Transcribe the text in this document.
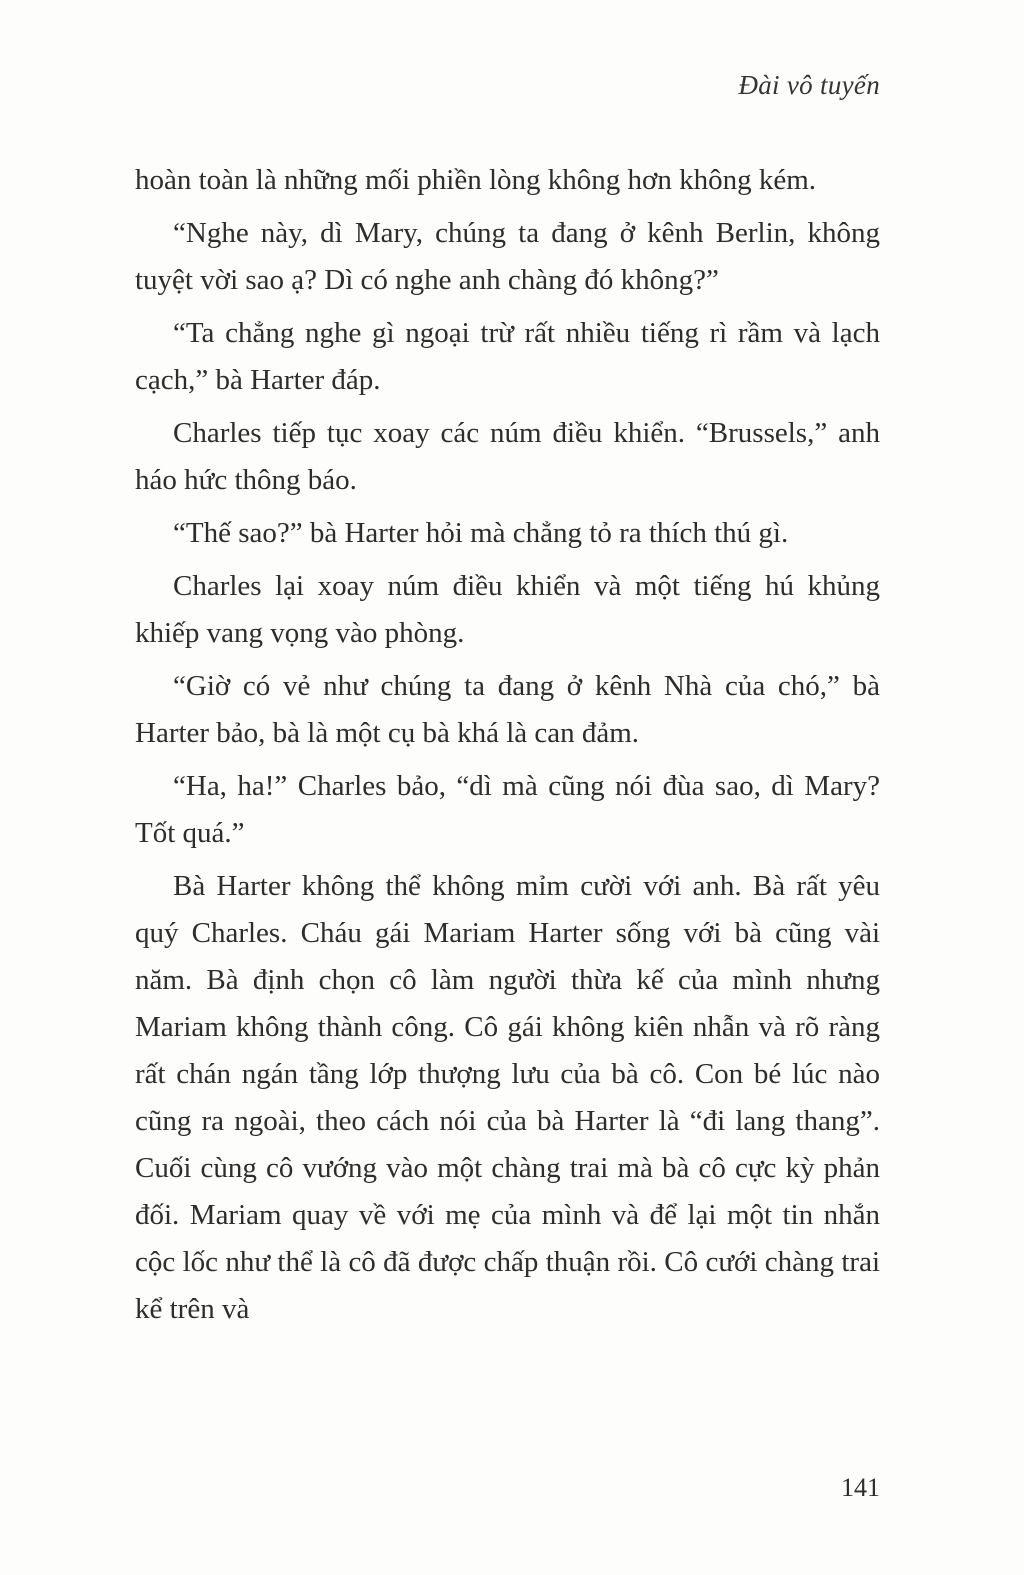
Đài vô tuyến

hoàn toàn là những mối phiền lòng không hơn không kém.

“Nghe này, dì Mary, chúng ta đang ở kênh Berlin, không tuyệt vời sao ạ? Dì có nghe anh chàng đó không?”

“Ta chẳng nghe gì ngoại trừ rất nhiều tiếng rì rầm và lạch cạch,” bà Harter đáp.

Charles tiếp tục xoay các núm điều khiển. “Brussels,” anh háo hức thông báo.

“Thế sao?” bà Harter hỏi mà chẳng tỏ ra thích thú gì.

Charles lại xoay núm điều khiển và một tiếng hú khủng khiếp vang vọng vào phòng.

“Giờ có vẻ như chúng ta đang ở kênh Nhà của chó,” bà Harter bảo, bà là một cụ bà khá là can đảm.

“Ha, ha!” Charles bảo, “dì mà cũng nói đùa sao, dì Mary? Tốt quá.”

Bà Harter không thể không mỉm cười với anh. Bà rất yêu quý Charles. Cháu gái Mariam Harter sống với bà cũng vài năm. Bà định chọn cô làm người thừa kế của mình nhưng Mariam không thành công. Cô gái không kiên nhẫn và rõ ràng rất chán ngán tầng lớp thượng lưu của bà cô. Con bé lúc nào cũng ra ngoài, theo cách nói của bà Harter là “đi lang thang”. Cuối cùng cô vướng vào một chàng trai mà bà cô cực kỳ phản đối. Mariam quay về với mẹ của mình và để lại một tin nhắn cộc lốc như thể là cô đã được chấp thuận rồi. Cô cưới chàng trai kể trên và

141
